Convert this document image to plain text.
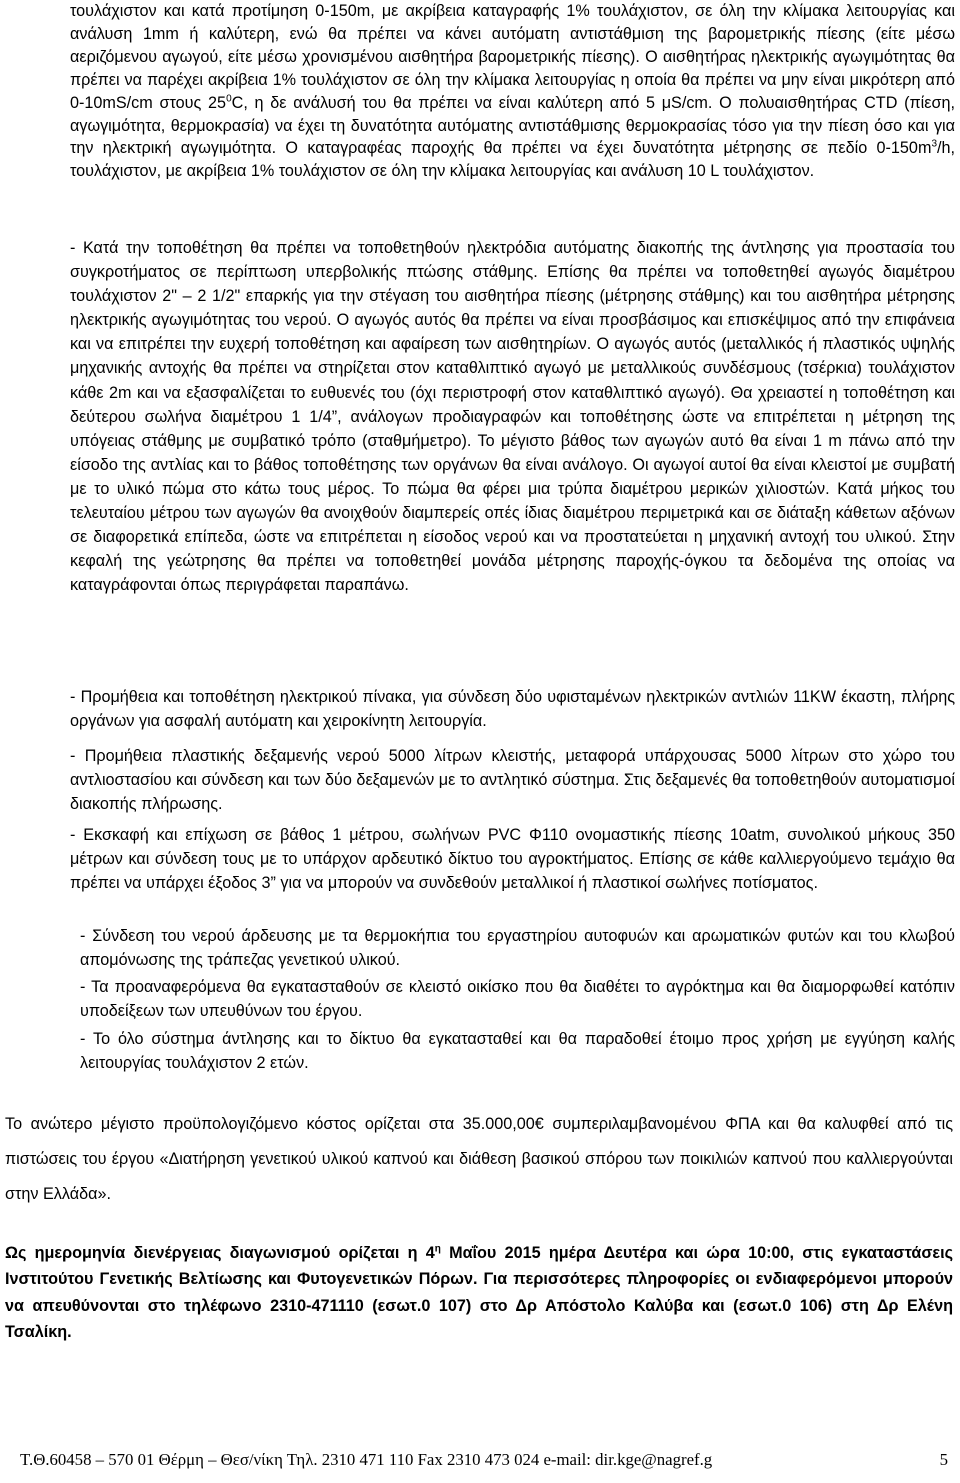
τουλάχιστον και κατά προτίμηση 0-150m, με ακρίβεια καταγραφής 1% τουλάχιστον, σε όλη την κλίμακα λειτουργίας και ανάλυση 1mm ή καλύτερη, ενώ θα πρέπει να κάνει αυτόματη αντιστάθμιση της βαρομετρικής πίεσης (είτε μέσω αεριζόμενου αγωγού, είτε μέσω χρονισμένου αισθητήρα βαρομετρικής πίεσης). Ο αισθητήρας ηλεκτρικής αγωγιμότητας θα πρέπει να παρέχει ακρίβεια 1% τουλάχιστον σε όλη την κλίμακα λειτουργίας η οποία θα πρέπει να μην είναι μικρότερη από 0-10mS/cm στους $25^0C$, η δε ανάλυσή του θα πρέπει να είναι καλύτερη από 5 μS/cm. Ο πολυαισθητήρας CTD (πίεση, αγωγιμότητα, θερμοκρασία) να έχει τη δυνατότητα αυτόματης αντιστάθμισης θερμοκρασίας τόσο για την πίεση όσο και για την ηλεκτρική αγωγιμότητα. Ο καταγραφέας παροχής θα πρέπει να έχει δυνατότητα μέτρησης σε πεδίο $0-150m^3/h$, τουλάχιστον, με ακρίβεια 1% τουλάχιστον σε όλη την κλίμακα λειτουργίας και ανάλυση 10 L τουλάχιστον.

- Κατά την τοποθέτηση θα πρέπει να τοποθετηθούν ηλεκτρόδια αυτόματης διακοπής της άντλησης για προστασία του συγκροτήματος σε περίπτωση υπερβολικής πτώσης στάθμης. Επίσης θα πρέπει να τοποθετηθεί αγωγός διαμέτρου τουλάχιστον 2" – 2 1/2" επαρκής για την στέγαση του αισθητήρα πίεσης (μέτρησης στάθμης) και του αισθητήρα μέτρησης ηλεκτρικής αγωγιμότητας του νερού. Ο αγωγός αυτός θα πρέπει να είναι προσβάσιμος και επισκέψιμος από την επιφάνεια και να επιτρέπει την ευχερή τοποθέτηση και αφαίρεση των αισθητηρίων. Ο αγωγός αυτός (μεταλλικός ή πλαστικός υψηλής μηχανικής αντοχής θα πρέπει να στηρίζεται στον καταθλιπτικό αγωγό με μεταλλικούς συνδέσμους (τσέρκια) τουλάχιστον κάθε 2m και να εξασφαλίζεται το ευθυενές του (όχι περιστροφή στον καταθλιπτικό αγωγό). Θα χρειαστεί η τοποθέτηση και δεύτερου σωλήνα διαμέτρου 1 1/4”, ανάλογων προδιαγραφών και τοποθέτησης ώστε να επιτρέπεται η μέτρηση της υπόγειας στάθμης με συμβατικό τρόπο (σταθμήμετρο). Το μέγιστο βάθος των αγωγών αυτό θα είναι 1 m πάνω από την είσοδο της αντλίας και το βάθος τοποθέτησης των οργάνων θα είναι ανάλογο. Οι αγωγοί αυτοί θα είναι κλειστοί με συμβατή με το υλικό πώμα στο κάτω τους μέρος. Το πώμα θα φέρει μια τρύπα διαμέτρου μερικών χιλιοστών. Κατά μήκος του τελευταίου μέτρου των αγωγών θα ανοιχθούν διαμπερείς οπές ίδιας διαμέτρου περιμετρικά και σε διάταξη κάθετων αξόνων σε διαφορετικά επίπεδα, ώστε να επιτρέπεται η είσοδος νερού και να προστατεύεται η μηχανική αντοχή του υλικού. Στην κεφαλή της γεώτρησης θα πρέπει να τοποθετηθεί μονάδα μέτρησης παροχής-όγκου τα δεδομένα της οποίας να καταγράφονται όπως περιγράφεται παραπάνω.

- Προμήθεια και τοποθέτηση ηλεκτρικού πίνακα, για σύνδεση δύο υφισταμένων ηλεκτρικών αντλιών 11KW έκαστη, πλήρης οργάνων για ασφαλή αυτόματη και χειροκίνητη λειτουργία.

- Προμήθεια πλαστικής δεξαμενής νερού 5000 λίτρων κλειστής, μεταφορά υπάρχουσας 5000 λίτρων στο χώρο του αντλιοστασίου και σύνδεση και των δύο δεξαμενών με το αντλητικό σύστημα. Στις δεξαμενές θα τοποθετηθούν αυτοματισμοί διακοπής πλήρωσης.

- Εκσκαφή και επίχωση σε βάθος 1 μέτρου, σωλήνων PVC Φ110 ονομαστικής πίεσης 10atm, συνολικού μήκους 350 μέτρων και σύνδεση τους με το υπάρχον αρδευτικό δίκτυο του αγροκτήματος. Επίσης σε κάθε καλλιεργούμενο τεμάχιο θα πρέπει να υπάρχει έξοδος 3” για να μπορούν να συνδεθούν μεταλλικοί ή πλαστικοί σωλήνες ποτίσματος.

- Σύνδεση του νερού άρδευσης με τα θερμοκήπια του εργαστηρίου αυτοφυών και αρωματικών φυτών και του κλωβού απομόνωσης της τράπεζας γενετικού υλικού.

- Τα προαναφερόμενα θα εγκατασταθούν σε κλειστό οικίσκο που θα διαθέτει το αγρόκτημα και θα διαμορφωθεί κατόπιν υποδείξεων των υπευθύνων του έργου.

- Το όλο σύστημα άντλησης και το δίκτυο θα εγκατασταθεί και θα παραδοθεί έτοιμο προς χρήση με εγγύηση καλής λειτουργίας τουλάχιστον 2 ετών.

Το ανώτερο μέγιστο προϋπολογιζόμενο κόστος ορίζεται στα 35.000,00€ συμπεριλαμβανομένου ΦΠΑ και θα καλυφθεί από τις πιστώσεις του έργου «Διατήρηση γενετικού υλικού καπνού και διάθεση βασικού σπόρου των ποικιλιών καπνού που καλλιεργούνται στην Ελλάδα».

Ως ημερομηνία διενέργειας διαγωνισμού ορίζεται η $4^\eta$ Μαΐου 2015 ημέρα Δευτέρα και ώρα 10:00, στις εγκαταστάσεις Ινστιτούτου Γενετικής Βελτίωσης και Φυτογενετικών Πόρων. Για περισσότερες πληροφορίες οι ενδιαφερόμενοι μπορούν να απευθύνονται στο τηλέφωνο 2310-471110 (εσωτ.0 107) στο Δρ Απόστολο Καλύβα και (εσωτ.0 106) στη Δρ Ελένη Τσαλίκη.

Τ.Θ.60458 – 570 01 Θέρμη – Θεσ/νίκη Τηλ. 2310 471 110 Fax 2310 473 024 e-mail: dir.kge@nagref.g	5
